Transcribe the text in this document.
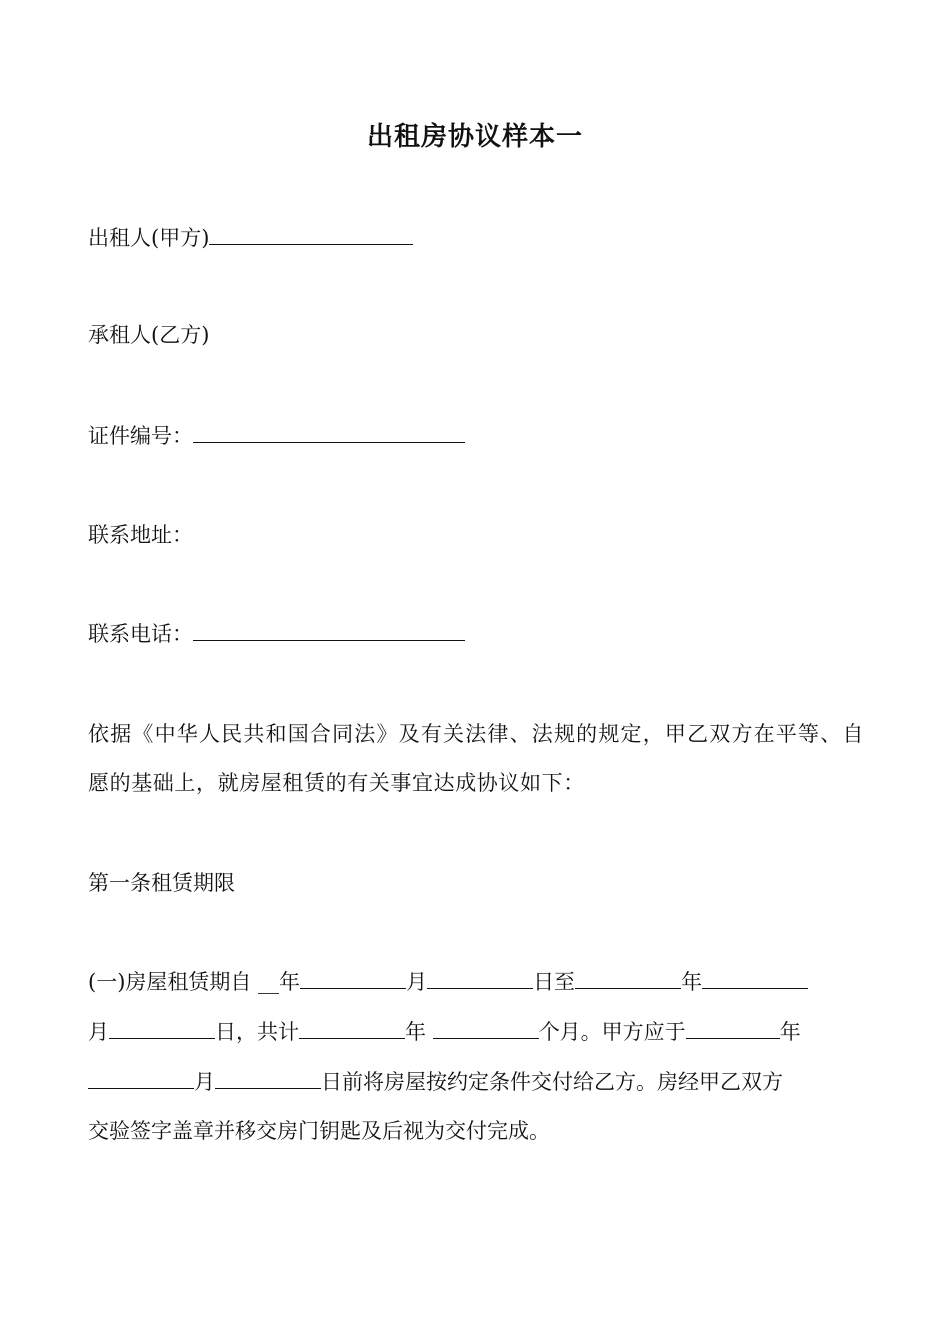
出租房协议样本一
出租人(甲方)
承租人(乙方)
证件编号：
联系地址：
联系电话：
依据《中华人民共和国合同法》及有关法律、法规的规定，甲乙双方在平等、自愿的基础上，就房屋租赁的有关事宜达成协议如下：
第一条租赁期限
(一)房屋租赁期自 __年	月	日至	年
月	日，共计	年	个月。甲方应于	年
月	日前将房屋按约定条件交付给乙方。房经甲乙双方
交验签字盖章并移交房门钥匙及后视为交付完成。
